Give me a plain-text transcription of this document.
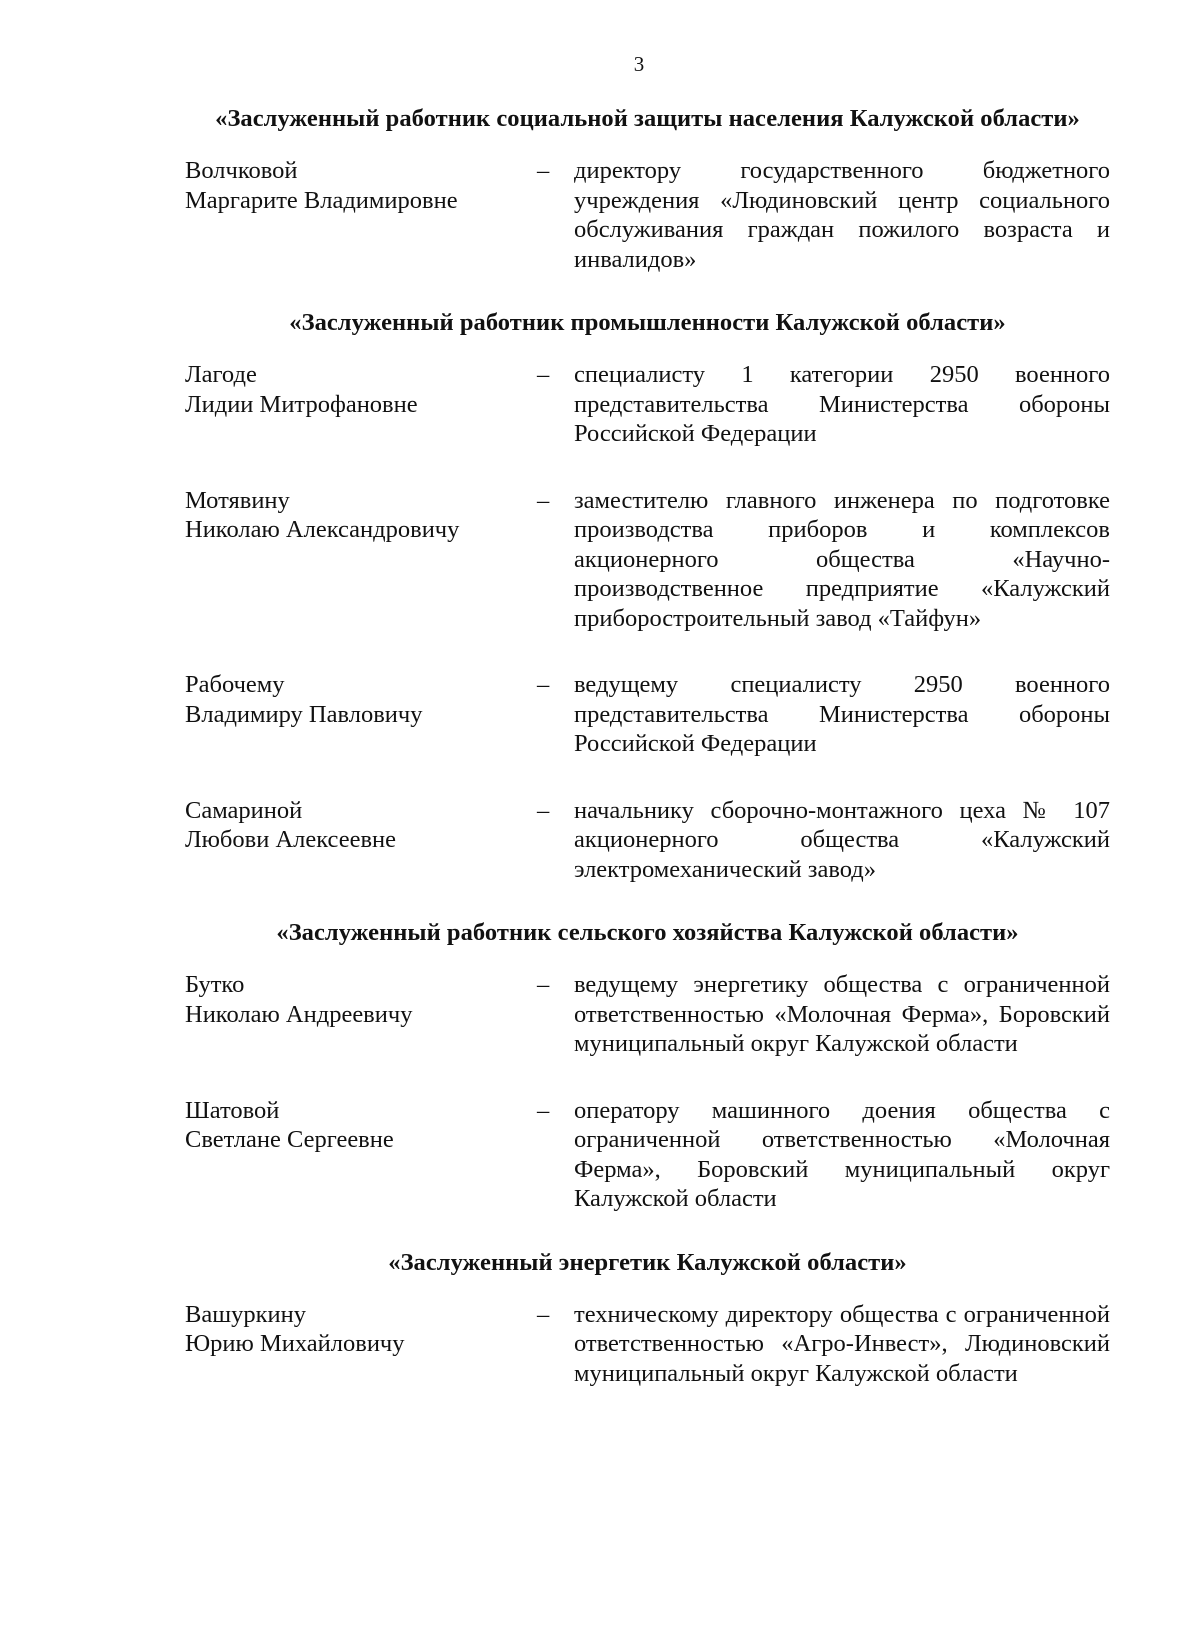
3
«Заслуженный работник социальной защиты населения Калужской области»
Волчковой
Маргарите Владимировне
–	директору государственного бюджетного учреждения «Людиновский центр социального обслуживания граждан пожилого возраста и инвалидов»
«Заслуженный работник промышленности Калужской области»
Лагоде
Лидии Митрофановне
–	специалисту 1 категории 2950 военного представительства Министерства обороны Российской Федерации
Мотявину
Николаю Александровичу
–	заместителю главного инженера по подготовке производства приборов и комплексов акционерного общества «Научно-производственное предприятие «Калужский приборостроительный завод «Тайфун»
Рабочему
Владимиру Павловичу
–	ведущему специалисту 2950 военного представительства Министерства обороны Российской Федерации
Самариной
Любови Алексеевне
–	начальнику сборочно-монтажного цеха № 107 акционерного общества «Калужский электромеханический завод»
«Заслуженный работник сельского хозяйства Калужской области»
Бутко
Николаю Андреевичу
–	ведущему энергетику общества с ограниченной ответственностью «Молочная Ферма», Боровский муниципальный округ Калужской области
Шатовой
Светлане Сергеевне
–	оператору машинного доения общества с ограниченной ответственностью «Молочная Ферма», Боровский муниципальный округ Калужской области
«Заслуженный энергетик Калужской области»
Вашуркину
Юрию Михайловичу
–	техническому директору общества с ограниченной ответственностью «Агро-Инвест», Людиновский муниципальный округ Калужской области
